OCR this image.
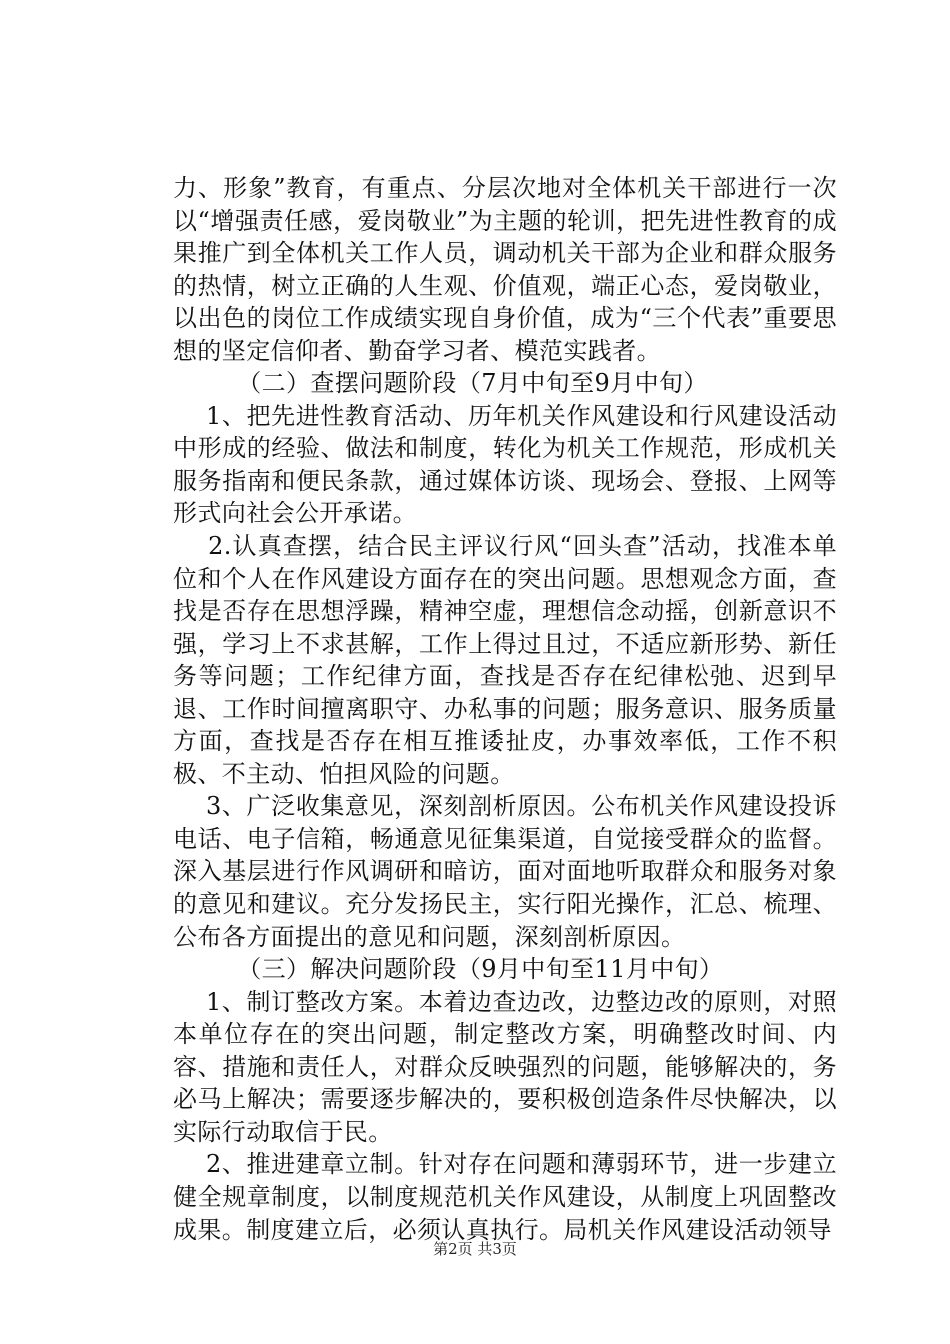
力、形象”教育，有重点、分层次地对全体机关干部进行一次以“增强责任感，爱岗敬业”为主题的轮训，把先进性教育的成果推广到全体机关工作人员，调动机关干部为企业和群众服务的热情，树立正确的人生观、价值观，端正心态，爱岗敬业，以出色的岗位工作成绩实现自身价值，成为“三个代表”重要思想的坚定信仰者、勤奋学习者、模范实践者。

（二）查摆问题阶段（7月中旬至9月中旬）

1、把先进性教育活动、历年机关作风建设和行风建设活动中形成的经验、做法和制度，转化为机关工作规范，形成机关服务指南和便民条款，通过媒体访谈、现场会、登报、上网等形式向社会公开承诺。

2.认真查摆，结合民主评议行风“回头查”活动，找准本单位和个人在作风建设方面存在的突出问题。思想观念方面，查找是否存在思想浮躁，精神空虚，理想信念动摇，创新意识不强，学习上不求甚解，工作上得过且过，不适应新形势、新任务等问题；工作纪律方面，查找是否存在纪律松弛、迟到早退、工作时间擅离职守、办私事的问题；服务意识、服务质量方面，查找是否存在相互推诿扯皮，办事效率低，工作不积极、不主动、怕担风险的问题。

3、广泛收集意见，深刻剖析原因。公布机关作风建设投诉电话、电子信箱，畅通意见征集渠道，自觉接受群众的监督。深入基层进行作风调研和暗访，面对面地听取群众和服务对象的意见和建议。充分发扬民主，实行阳光操作，汇总、梳理、公布各方面提出的意见和问题，深刻剖析原因。

（三）解决问题阶段（9月中旬至11月中旬）

1、制订整改方案。本着边查边改，边整边改的原则，对照本单位存在的突出问题，制定整改方案，明确整改时间、内容、措施和责任人，对群众反映强烈的问题，能够解决的，务必马上解决；需要逐步解决的，要积极创造条件尽快解决，以实际行动取信于民。

2、推进建章立制。针对存在问题和薄弱环节，进一步建立健全规章制度，以制度规范机关作风建设，从制度上巩固整改成果。制度建立后，必须认真执行。局机关作风建设活动领导

第2页 共3页
